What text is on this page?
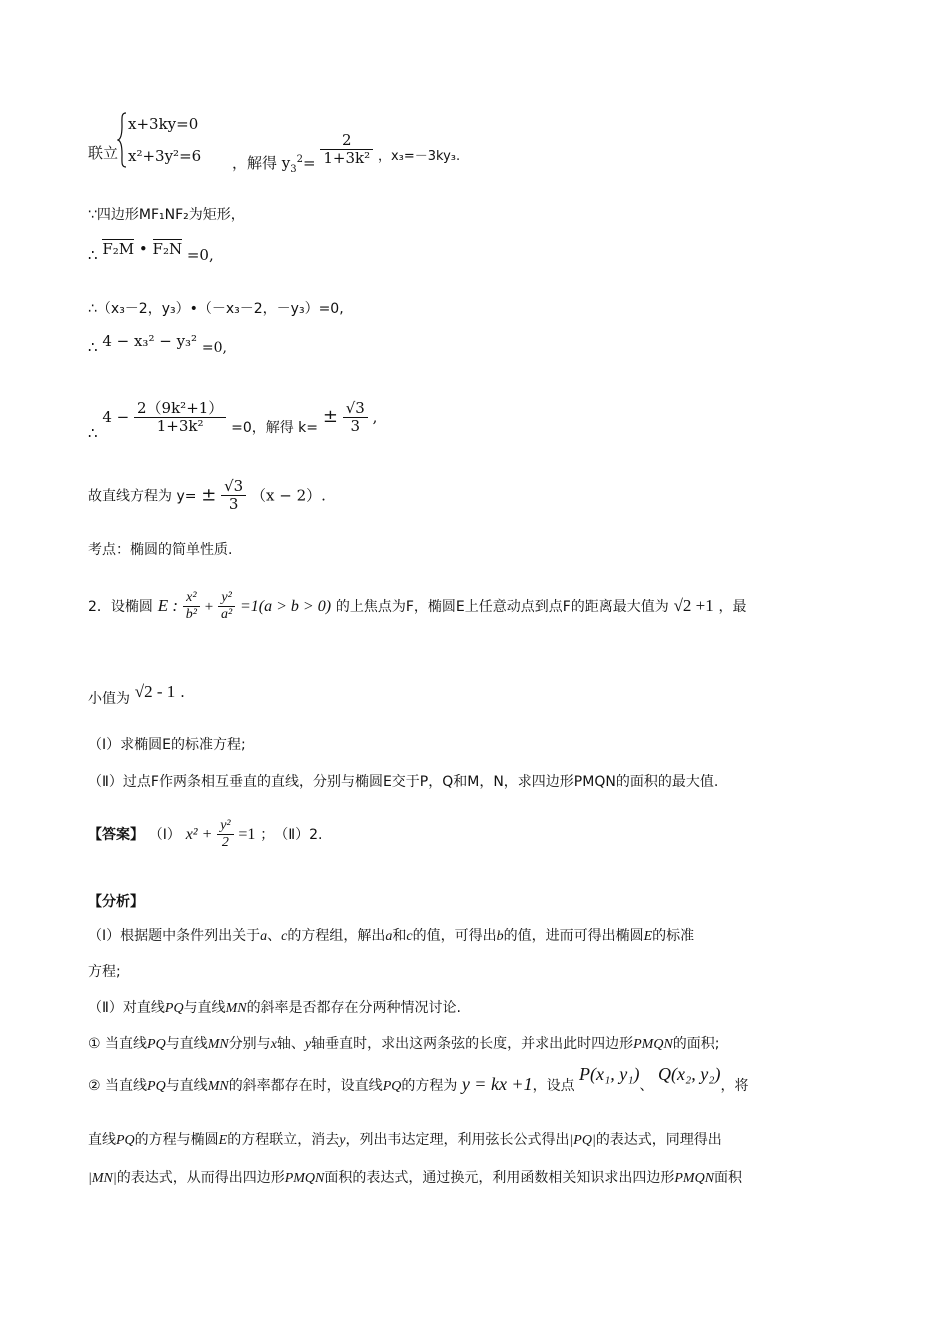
联立
x+3ky=0
x²+3y²=6 ，解得 $y_3^2= \frac{2}{\text{1+3k²}}$ ，x₃=－3ky₃.
∵四边形MF₁NF₂为矩形，
∴ F₂M • F₂N =0,
∴（x₃－2，y₃）•（－x₃－2，－y₃）=0,
∴ 4 − x₃² − y₃² =0,
∴ $4 - \frac{\text{2（9k²+1）}}{\text{1+3k²}} =0$，解得 $k= \pm \frac{√3}{3}$ ,
故直线方程为 $y= \pm \frac{√3}{3} (x - 2)$.
考点：椭圆的简单性质.
2．设椭圆 E : $\frac{\text{x²}}{\text{b²}} + \frac{\text{y²}}{\text{a²}} =1(a > b > 0)$ 的上焦点为F，椭圆E上任意动点到点F的距离最大值为 √2 +1 ，最
小值为 √2 - 1 .
（Ⅰ）求椭圆E的标准方程;
（Ⅱ）过点F作两条相互垂直的直线，分别与椭圆E交于P，Q和M，N，求四边形PMQN的面积的最大值.
【答案】 （Ⅰ） $x^2 + \frac{\text{y²}}{2} =1$ ；　（Ⅱ）2.
【分析】
（Ⅰ）根据题中条件列出关于a、c的方程组，解出a和c的值，可得出b的值，进而可得出椭圆E的标准
方程;
（Ⅱ）对直线PQ与直线MN的斜率是否都存在分两种情况讨论.
① 当直线PQ与直线MN分别与x轴、y轴垂直时，求出这两条弦的长度，并求出此时四边形PMQN的面积;
② 当直线PQ与直线MN的斜率都存在时，设直线PQ的方程为 y = kx +1，设点 P(x₁, y₁)、 Q(x₂, y₂)，将
直线PQ的方程与椭圆E的方程联立，消去y，列出韦达定理，利用弦长公式得出|PQ|的表达式，同理得出
|MN|的表达式，从而得出四边形PMQN面积的表达式，通过换元，利用函数相关知识求出四边形PMQN面积
